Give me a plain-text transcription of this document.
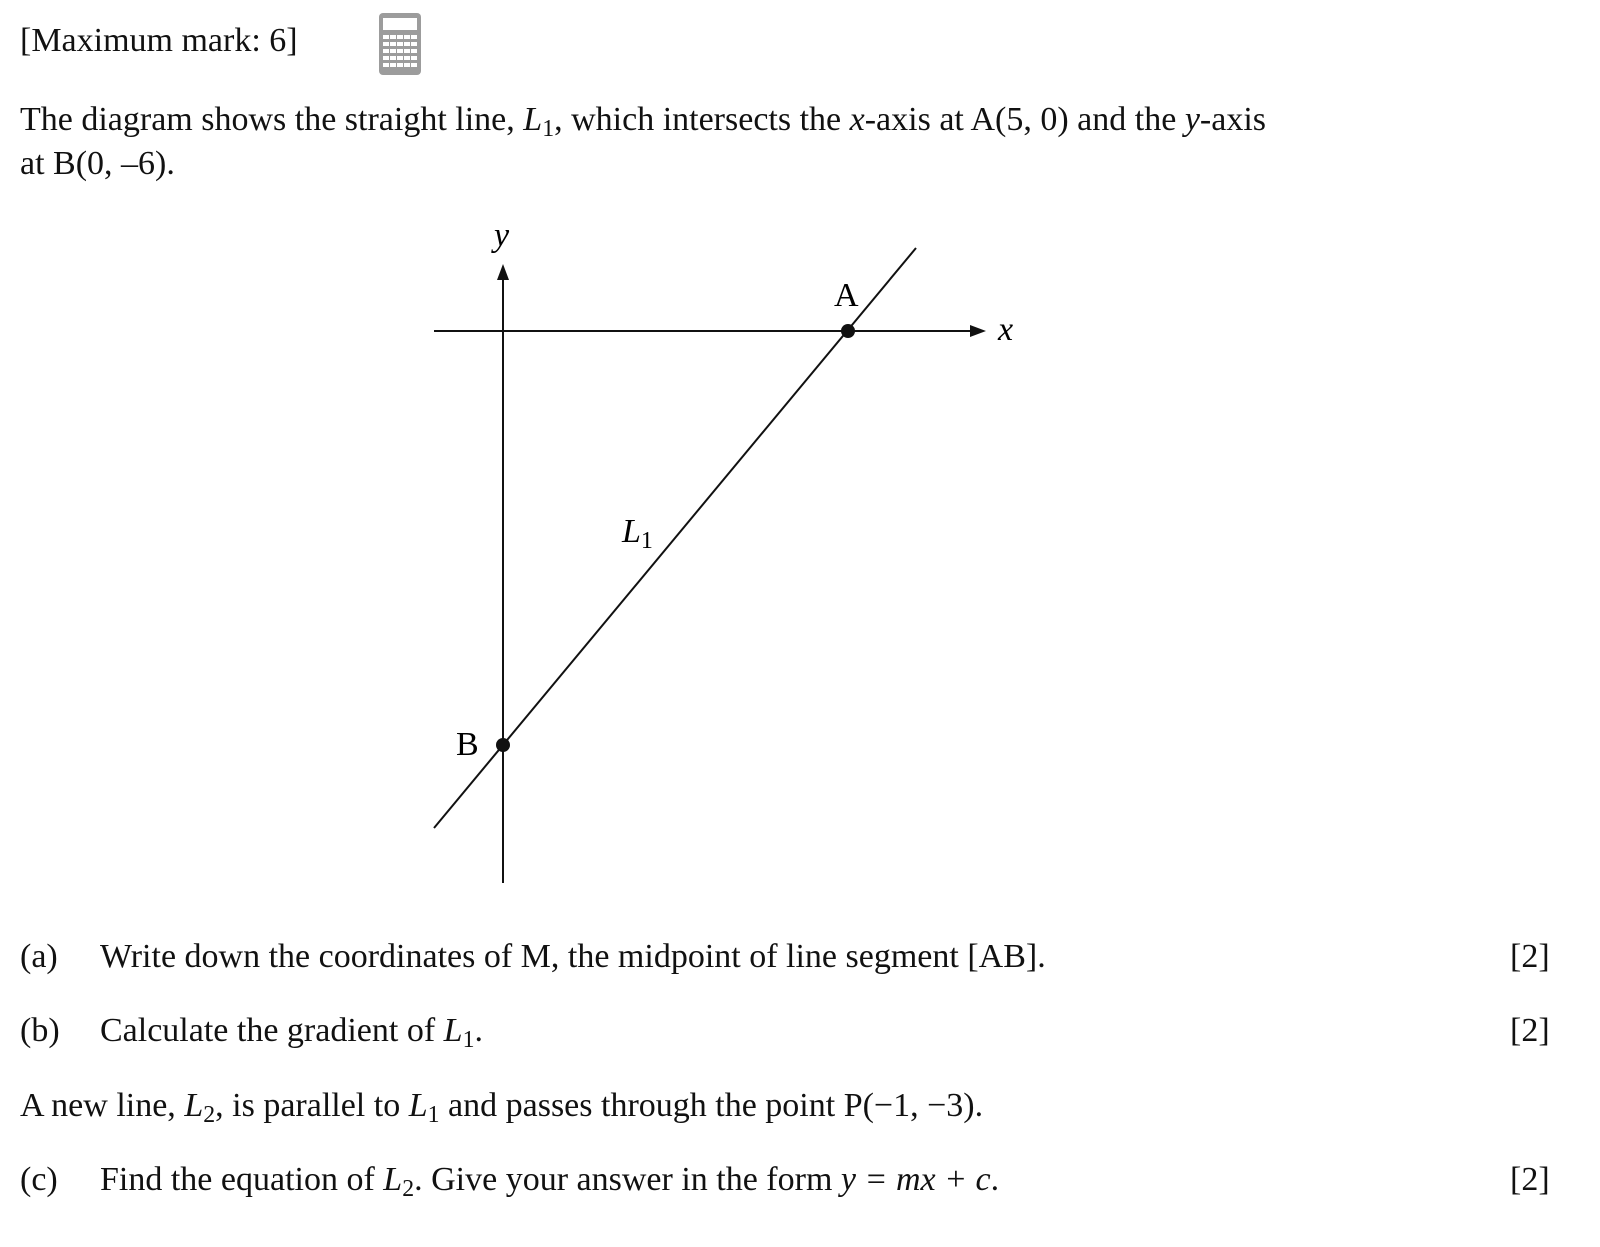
[Maximum mark: 6]
The diagram shows the straight line, $L_1$, which intersects the x-axis at A(5, 0) and the y-axis
at B(0, –6).
y
x
A
B
L1
(a) Write down the coordinates of M, the midpoint of line segment [AB].	[2]
(b) Calculate the gradient of $L_1$.	[2]
A new line, $L_2$, is parallel to $L_1$ and passes through the point P(−1, −3).
(c) Find the equation of $L_2$. Give your answer in the form y = mx + c.	[2]
